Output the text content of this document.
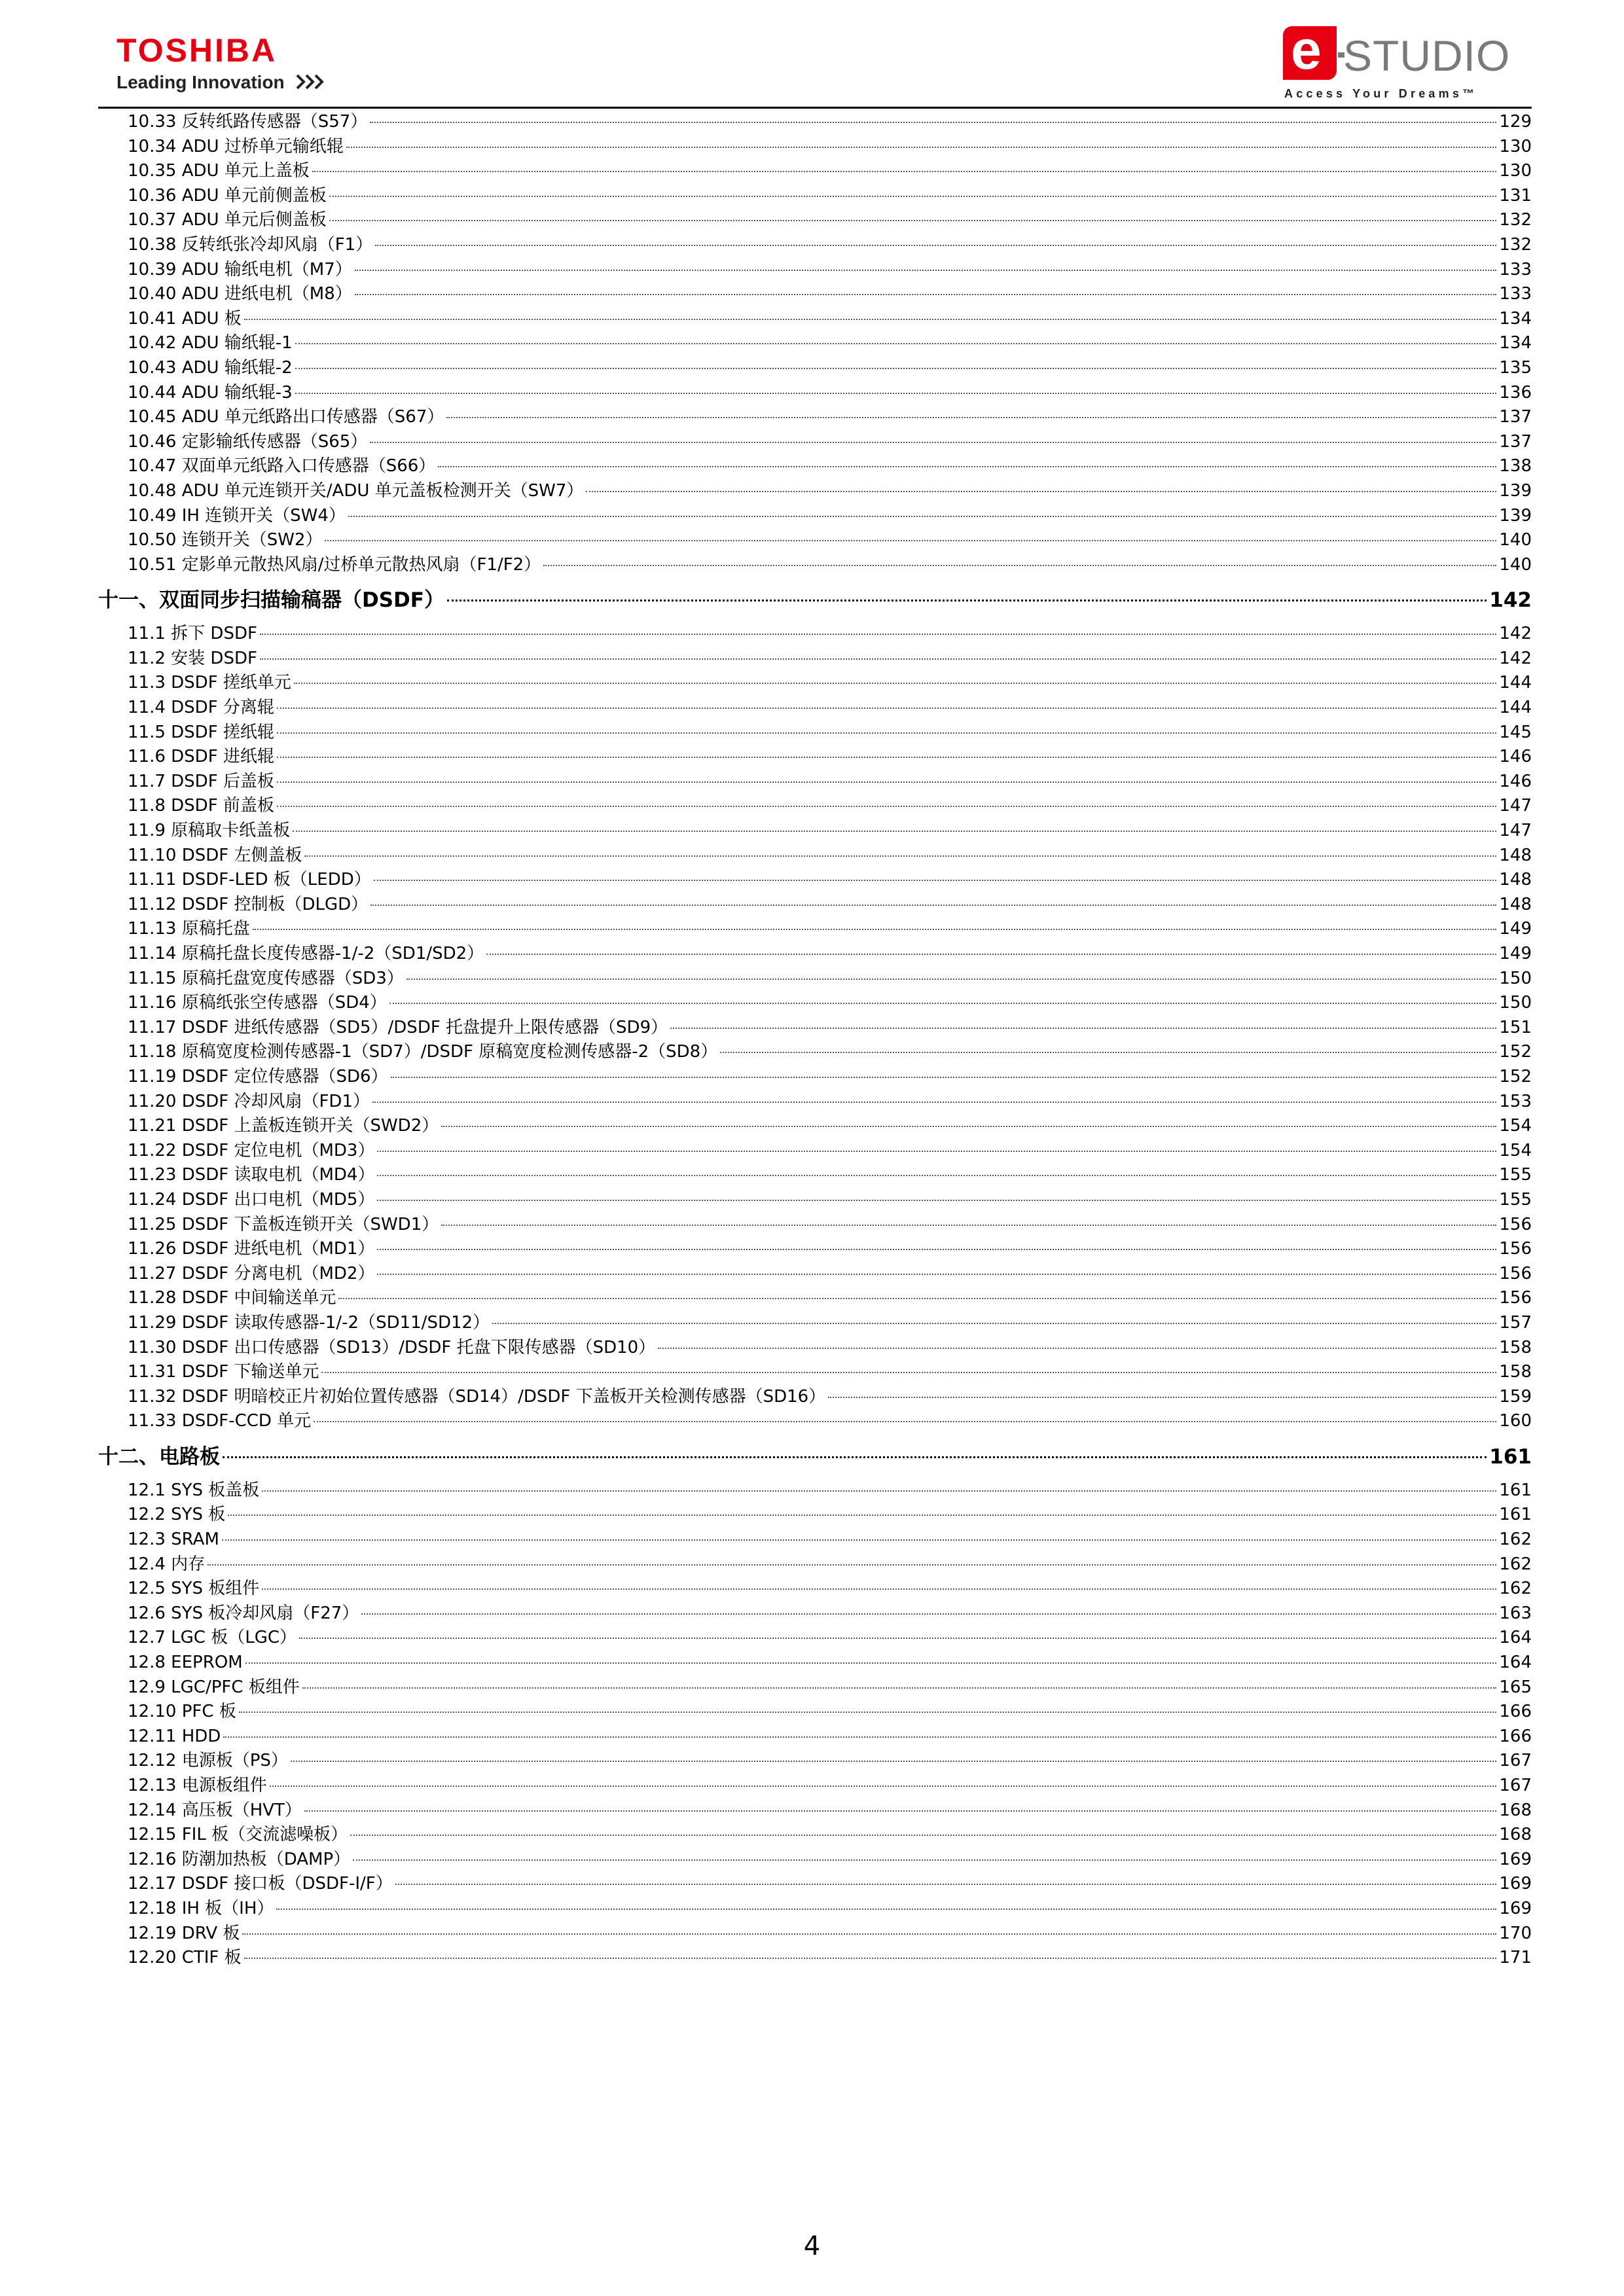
TOSHIBA
Leading Innovation
e STUDIO
Access Your Dreams™
10.33 反转纸路传感器（S57）	129
10.34 ADU 过桥单元输纸辊	130
10.35 ADU 单元上盖板	130
10.36 ADU 单元前侧盖板	131
10.37 ADU 单元后侧盖板	132
10.38 反转纸张冷却风扇（F1）	132
10.39 ADU 输纸电机（M7）	133
10.40 ADU 进纸电机（M8）	133
10.41 ADU 板	134
10.42 ADU 输纸辊-1	134
10.43 ADU 输纸辊-2	135
10.44 ADU 输纸辊-3	136
10.45 ADU 单元纸路出口传感器（S67）	137
10.46 定影输纸传感器（S65）	137
10.47 双面单元纸路入口传感器（S66）	138
10.48 ADU 单元连锁开关/ADU 单元盖板检测开关（SW7）	139
10.49 IH 连锁开关（SW4）	139
10.50 连锁开关（SW2）	140
10.51 定影单元散热风扇/过桥单元散热风扇（F1/F2）	140
十一、双面同步扫描输稿器（DSDF）	142
11.1 拆下 DSDF	142
11.2 安装 DSDF	142
11.3 DSDF 搓纸单元	144
11.4 DSDF 分离辊	144
11.5 DSDF 搓纸辊	145
11.6 DSDF 进纸辊	146
11.7 DSDF 后盖板	146
11.8 DSDF 前盖板	147
11.9 原稿取卡纸盖板	147
11.10 DSDF 左侧盖板	148
11.11 DSDF-LED 板（LEDD）	148
11.12 DSDF 控制板（DLGD）	148
11.13 原稿托盘	149
11.14 原稿托盘长度传感器-1/-2（SD1/SD2）	149
11.15 原稿托盘宽度传感器（SD3）	150
11.16 原稿纸张空传感器（SD4）	150
11.17 DSDF 进纸传感器（SD5）/DSDF 托盘提升上限传感器（SD9）	151
11.18 原稿宽度检测传感器-1（SD7）/DSDF 原稿宽度检测传感器-2（SD8）	152
11.19 DSDF 定位传感器（SD6）	152
11.20 DSDF 冷却风扇（FD1）	153
11.21 DSDF 上盖板连锁开关（SWD2）	154
11.22 DSDF 定位电机（MD3）	154
11.23 DSDF 读取电机（MD4）	155
11.24 DSDF 出口电机（MD5）	155
11.25 DSDF 下盖板连锁开关（SWD1）	156
11.26 DSDF 进纸电机（MD1）	156
11.27 DSDF 分离电机（MD2）	156
11.28 DSDF 中间输送单元	156
11.29 DSDF 读取传感器-1/-2（SD11/SD12）	157
11.30 DSDF 出口传感器（SD13）/DSDF 托盘下限传感器（SD10）	158
11.31 DSDF 下输送单元	158
11.32 DSDF 明暗校正片初始位置传感器（SD14）/DSDF 下盖板开关检测传感器（SD16）	159
11.33 DSDF-CCD 单元	160
十二、电路板	161
12.1 SYS 板盖板	161
12.2 SYS 板	161
12.3 SRAM	162
12.4 内存	162
12.5 SYS 板组件	162
12.6 SYS 板冷却风扇（F27）	163
12.7 LGC 板（LGC）	164
12.8 EEPROM	164
12.9 LGC/PFC 板组件	165
12.10 PFC 板	166
12.11 HDD	166
12.12 电源板（PS）	167
12.13 电源板组件	167
12.14 高压板（HVT）	168
12.15 FIL 板（交流滤噪板）	168
12.16 防潮加热板（DAMP）	169
12.17 DSDF 接口板（DSDF-I/F）	169
12.18 IH 板（IH）	169
12.19 DRV 板	170
12.20 CTIF 板	171
4
